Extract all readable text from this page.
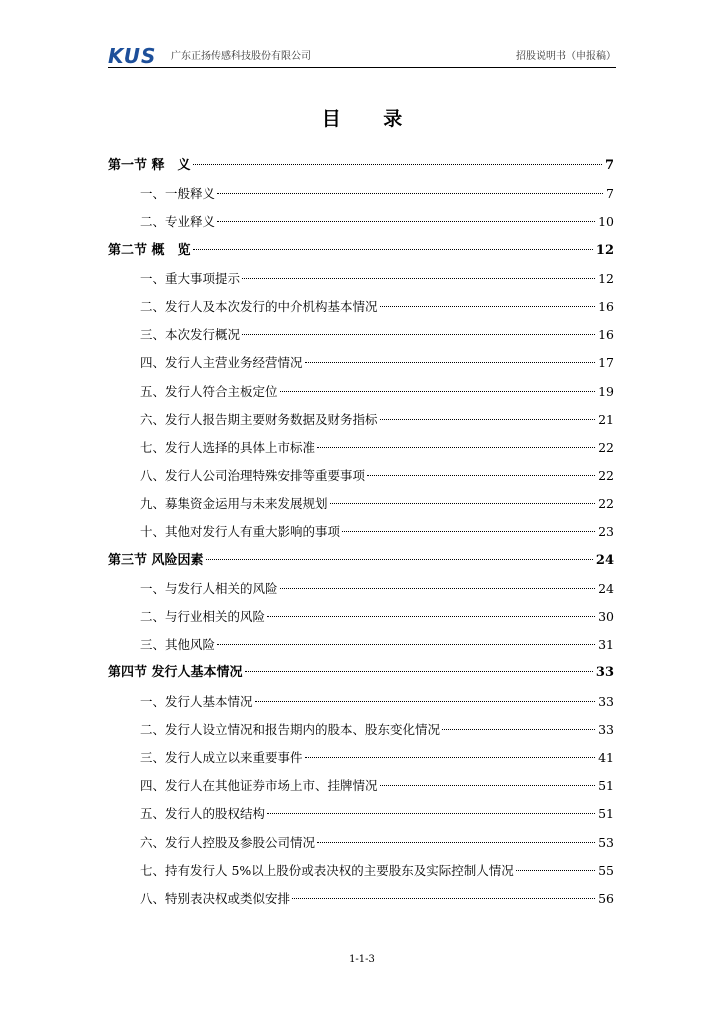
KUS 广东正扬传感科技股份有限公司	招股说明书（申报稿）
目 录
第一节 释　义	7
一、一般释义	7
二、专业释义	10
第二节 概　览	12
一、重大事项提示	12
二、发行人及本次发行的中介机构基本情况	16
三、本次发行概况	16
四、发行人主营业务经营情况	17
五、发行人符合主板定位	19
六、发行人报告期主要财务数据及财务指标	21
七、发行人选择的具体上市标准	22
八、发行人公司治理特殊安排等重要事项	22
九、募集资金运用与未来发展规划	22
十、其他对发行人有重大影响的事项	23
第三节 风险因素	24
一、与发行人相关的风险	24
二、与行业相关的风险	30
三、其他风险	31
第四节 发行人基本情况	33
一、发行人基本情况	33
二、发行人设立情况和报告期内的股本、股东变化情况	33
三、发行人成立以来重要事件	41
四、发行人在其他证券市场上市、挂牌情况	51
五、发行人的股权结构	51
六、发行人控股及参股公司情况	53
七、持有发行人 5%以上股份或表决权的主要股东及实际控制人情况	55
八、特别表决权或类似安排	56
1-1-3
